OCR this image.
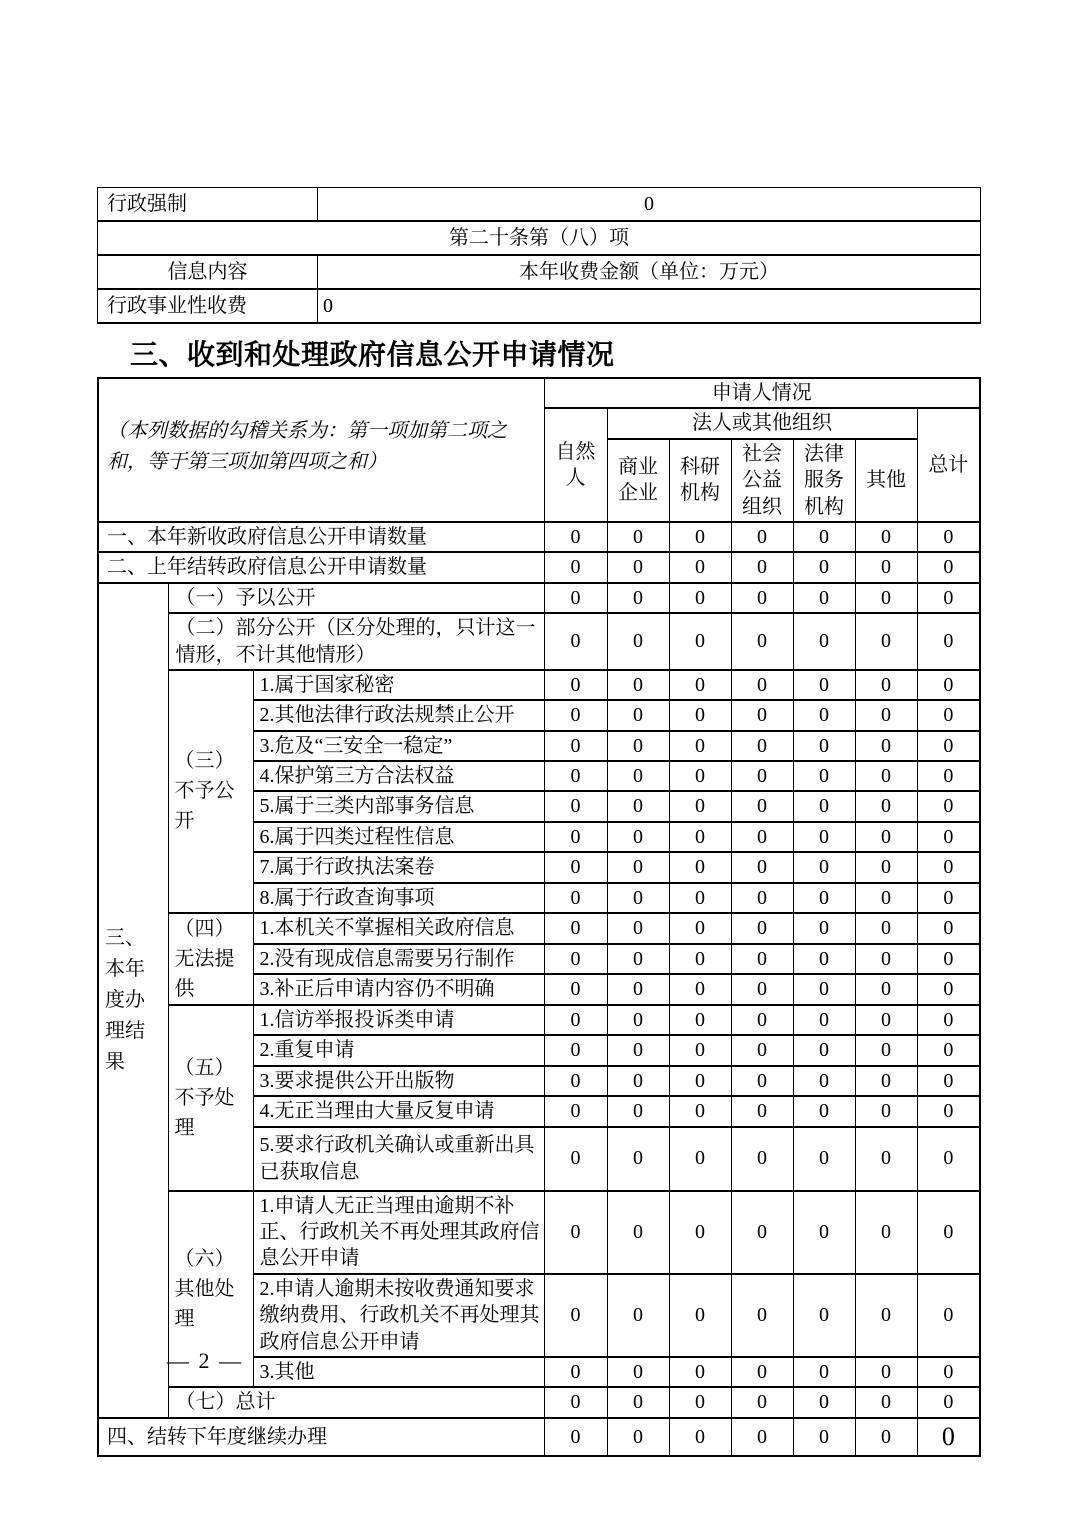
行政强制	0
第二十条第（八）项	
信息内容	本年收费金额（单位：万元）
行政事业性收费	0
三、收到和处理政府信息公开申请情况
（本列数据的勾稽关系为：第一项加第二项之和，等于第三项加第四项之和）			申请人情况						
			自然人	法人或其他组织					总计
				商业企业	科研机构	社会公益组织	法律服务机构	其他	
一、本年新收政府信息公开申请数量			0	0	0	0	0	0	0
二、上年结转政府信息公开申请数量			0	0	0	0	0	0	0
三、本年度办理结果	（一）予以公开		0	0	0	0	0	0	0
	（二）部分公开（区分处理的，只计这一情形，不计其他情形）		0	0	0	0	0	0	0
	（三）不予公开	1.属于国家秘密	0	0	0	0	0	0	0
		2.其他法律行政法规禁止公开	0	0	0	0	0	0	0
		3.危及“三安全一稳定”	0	0	0	0	0	0	0
		4.保护第三方合法权益	0	0	0	0	0	0	0
		5.属于三类内部事务信息	0	0	0	0	0	0	0
		6.属于四类过程性信息	0	0	0	0	0	0	0
		7.属于行政执法案卷	0	0	0	0	0	0	0
		8.属于行政查询事项	0	0	0	0	0	0	0
	（四）无法提供	1.本机关不掌握相关政府信息	0	0	0	0	0	0	0
		2.没有现成信息需要另行制作	0	0	0	0	0	0	0
		3.补正后申请内容仍不明确	0	0	0	0	0	0	0
	（五）不予处理	1.信访举报投诉类申请	0	0	0	0	0	0	0
		2.重复申请	0	0	0	0	0	0	0
		3.要求提供公开出版物	0	0	0	0	0	0	0
		4.无正当理由大量反复申请	0	0	0	0	0	0	0
		5.要求行政机关确认或重新出具已获取信息	0	0	0	0	0	0	0
	（六）其他处理	1.申请人无正当理由逾期不补正、行政机关不再处理其政府信息公开申请	0	0	0	0	0	0	0
		2.申请人逾期未按收费通知要求缴纳费用、行政机关不再处理其政府信息公开申请	0	0	0	0	0	0	0
		3.其他	0	0	0	0	0	0	0
	（七）总计		0	0	0	0	0	0	0
四、结转下年度继续办理			0	0	0	0	0	0	0
— 2 —
